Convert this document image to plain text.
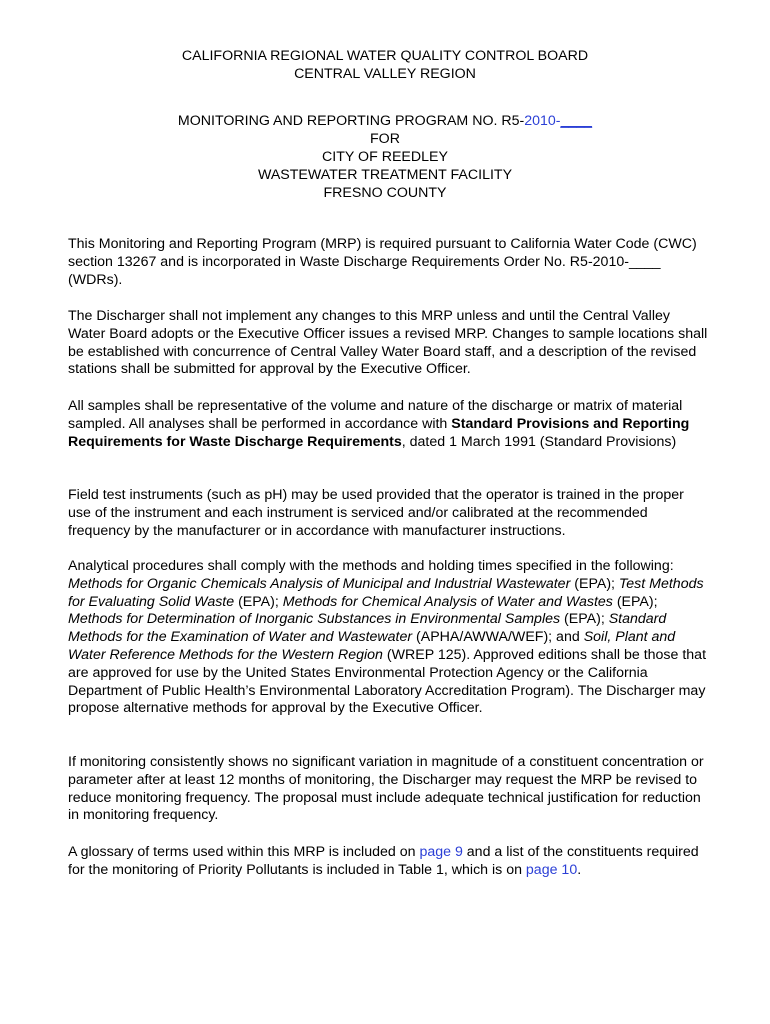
CALIFORNIA REGIONAL WATER QUALITY CONTROL BOARD
CENTRAL VALLEY REGION
MONITORING AND REPORTING PROGRAM NO. R5-2010-____
FOR
CITY OF REEDLEY
WASTEWATER TREATMENT FACILITY
FRESNO COUNTY

This Monitoring and Reporting Program (MRP) is required pursuant to California Water Code (CWC) section 13267 and is incorporated in Waste Discharge Requirements Order No. R5-2010-____ (WDRs).

The Discharger shall not implement any changes to this MRP unless and until the Central Valley Water Board adopts or the Executive Officer issues a revised MRP. Changes to sample locations shall be established with concurrence of Central Valley Water Board staff, and a description of the revised stations shall be submitted for approval by the Executive Officer.

All samples shall be representative of the volume and nature of the discharge or matrix of material sampled. All analyses shall be performed in accordance with Standard Provisions and Reporting Requirements for Waste Discharge Requirements, dated 1 March 1991 (Standard Provisions)

Field test instruments (such as pH) may be used provided that the operator is trained in the proper use of the instrument and each instrument is serviced and/or calibrated at the recommended frequency by the manufacturer or in accordance with manufacturer instructions.

Analytical procedures shall comply with the methods and holding times specified in the following: Methods for Organic Chemicals Analysis of Municipal and Industrial Wastewater (EPA); Test Methods for Evaluating Solid Waste (EPA); Methods for Chemical Analysis of Water and Wastes (EPA); Methods for Determination of Inorganic Substances in Environmental Samples (EPA); Standard Methods for the Examination of Water and Wastewater (APHA/AWWA/WEF); and Soil, Plant and Water Reference Methods for the Western Region (WREP 125). Approved editions shall be those that are approved for use by the United States Environmental Protection Agency or the California Department of Public Health’s Environmental Laboratory Accreditation Program). The Discharger may propose alternative methods for approval by the Executive Officer.

If monitoring consistently shows no significant variation in magnitude of a constituent concentration or parameter after at least 12 months of monitoring, the Discharger may request the MRP be revised to reduce monitoring frequency. The proposal must include adequate technical justification for reduction in monitoring frequency.

A glossary of terms used within this MRP is included on page 9 and a list of the constituents required for the monitoring of Priority Pollutants is included in Table 1, which is on page 10.
